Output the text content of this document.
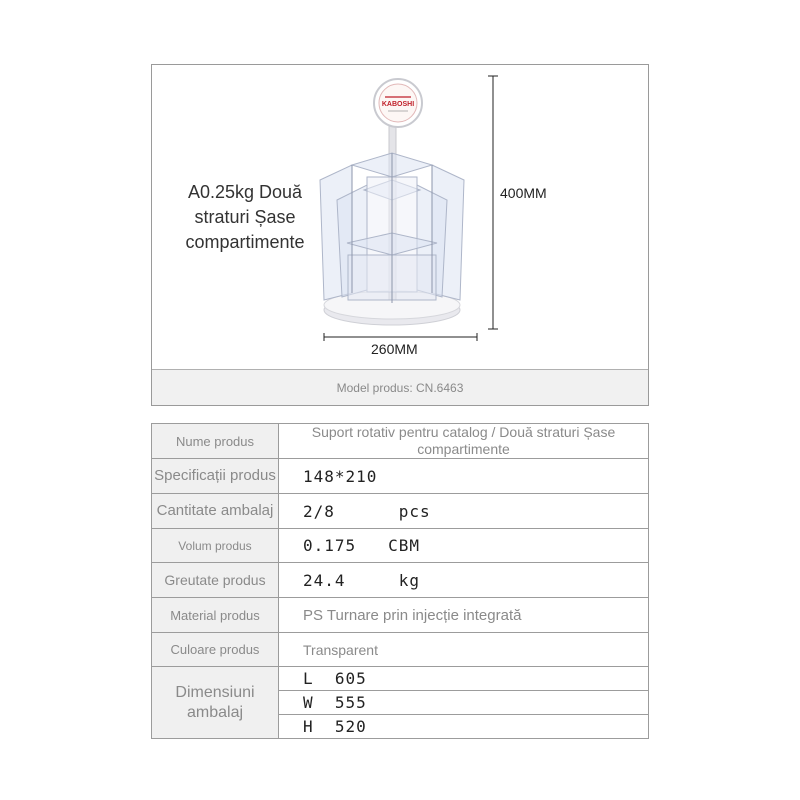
KABOSHI
A0.25kg Două straturi Șase compartimente
400MM
260MM
Model produs: CN.6463
Nume produs	Suport rotativ pentru catalog / Două straturi Șase compartimente
Specificații produs	148*210
Cantitate ambalaj	2/8      pcs
Volum produs	0.175   CBM
Greutate produs	24.4     kg
Material produs	PS Turnare prin injecție integrată
Culoare produs	Transparent
Dimensiuni ambalaj	L  605
	W  555
	H  520
